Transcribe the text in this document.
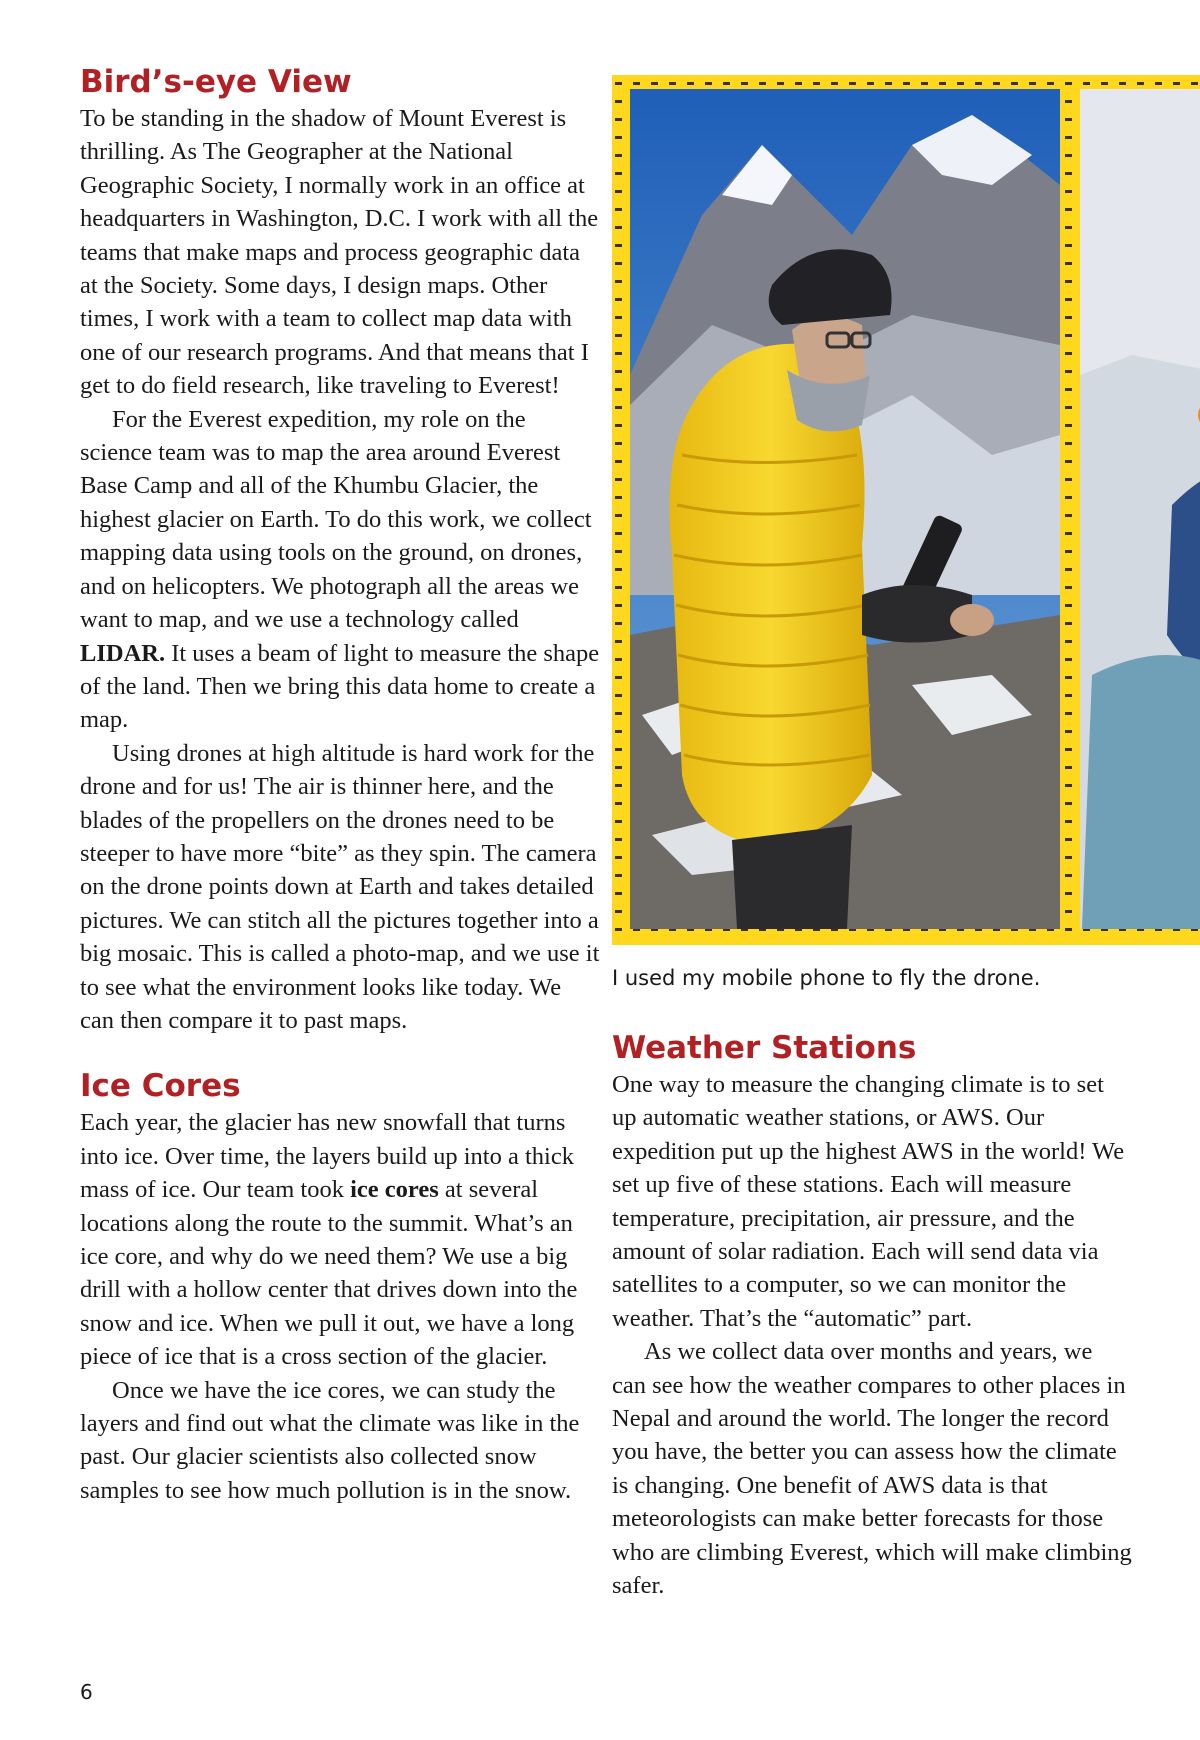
Bird’s-eye View

To be standing in the shadow of Mount Everest is thrilling. As The Geographer at the National Geographic Society, I normally work in an office at headquarters in Washington, D.C. I work with all the teams that make maps and process geographic data at the Society. Some days, I design maps. Other times, I work with a team to collect map data with one of our research programs. And that means that I get to do field research, like traveling to Everest!

For the Everest expedition, my role on the science team was to map the area around Everest Base Camp and all of the Khumbu Glacier, the highest glacier on Earth. To do this work, we collect mapping data using tools on the ground, on drones, and on helicopters. We photograph all the areas we want to map, and we use a technology called LIDAR. It uses a beam of light to measure the shape of the land. Then we bring this data home to create a map.

Using drones at high altitude is hard work for the drone and for us! The air is thinner here, and the blades of the propellers on the drones need to be steeper to have more “bite” as they spin. The camera on the drone points down at Earth and takes detailed pictures. We can stitch all the pictures together into a big mosaic. This is called a photo-map, and we use it to see what the environment looks like today. We can then compare it to past maps.

Ice Cores

Each year, the glacier has new snowfall that turns into ice. Over time, the layers build up into a thick mass of ice. Our team took ice cores at several locations along the route to the summit. What’s an ice core, and why do we need them? We use a big drill with a hollow center that drives down into the snow and ice. When we pull it out, we have a long piece of ice that is a cross section of the glacier.

Once we have the ice cores, we can study the layers and find out what the climate was like in the past. Our glacier scientists also collected snow samples to see how much pollution is in the snow.

I used my mobile phone to fly the drone.

Weather Stations

One way to measure the changing climate is to set up automatic weather stations, or AWS. Our expedition put up the highest AWS in the world! We set up five of these stations. Each will measure temperature, precipitation, air pressure, and the amount of solar radiation. Each will send data via satellites to a computer, so we can monitor the weather. That’s the “automatic” part.

As we collect data over months and years, we can see how the weather compares to other places in Nepal and around the world. The longer the record you have, the better you can assess how the climate is changing. One benefit of AWS data is that meteorologists can make better forecasts for those who are climbing Everest, which will make climbing safer.

6
